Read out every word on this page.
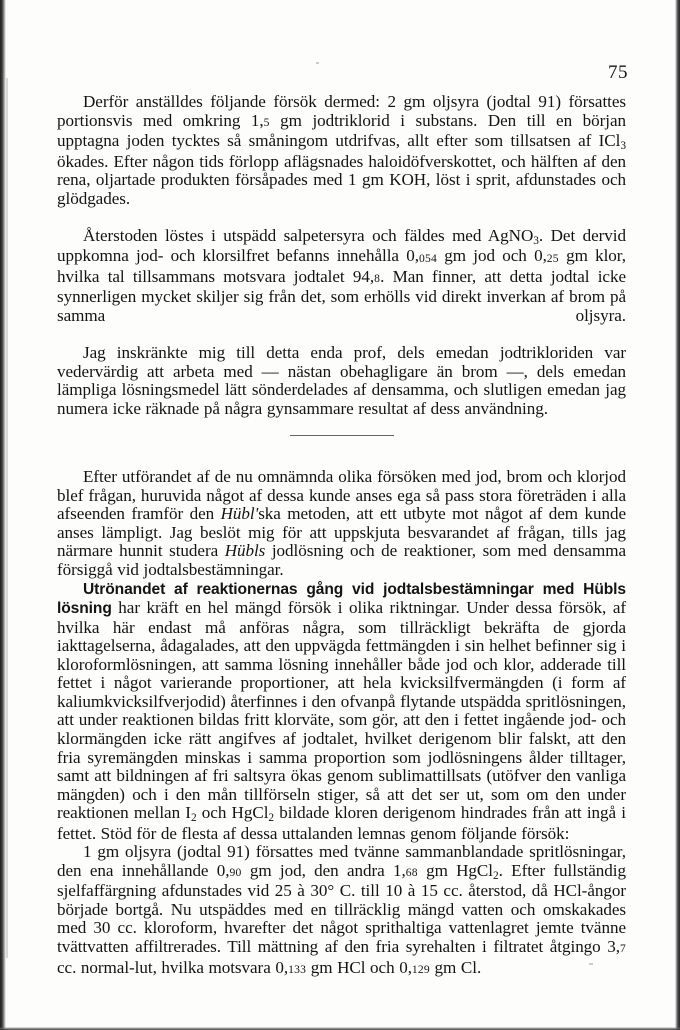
75

Derför anställdes följande försök dermed: 2 gm oljsyra (jodtal 91) försattes portionsvis med omkring 1,5 gm jodtriklorid i substans. Den till en början upptagna joden tycktes så småningom utdrifvas, allt efter som tillsatsen af ICl$_3$ ökades. Efter någon tids förlopp aflägsnades haloidöfverskottet, och hälften af den rena, oljartade produkten försåpades med 1 gm KOH, löst i sprit, afdunstades och glödgades.

Återstoden löstes i utspädd salpetersyra och fäldes med AgNO$_3$. Det dervid uppkomna jod- och klorsilfret befanns innehålla 0,054 gm jod och 0,25 gm klor, hvilka tal tillsammans motsvara jodtalet 94,8. Man finner, att detta jodtal icke synnerligen mycket skiljer sig från det, som erhölls vid direkt inverkan af brom på samma oljsyra.

Jag inskränkte mig till detta enda prof, dels emedan jodtrikloriden var vedervärdig att arbeta med — nästan obehagligare än brom —, dels emedan lämpliga lösningsmedel lätt sönderdelades af densamma, och slutligen emedan jag numera icke räknade på några gynsammare resultat af dess användning.

Efter utförandet af de nu omnämnda olika försöken med jod, brom och klorjod blef frågan, huruvida något af dessa kunde anses ega så pass stora företräden i alla afseenden framför den Hübl'ska metoden, att ett utbyte mot något af dem kunde anses lämpligt. Jag beslöt mig för att uppskjuta besvarandet af frågan, tills jag närmare hunnit studera Hübls jodlösning och de reaktioner, som med densamma försiggå vid jodtalsbestämningar.

Utrönandet af reaktionernas gång vid jodtalsbestämningar med Hübls lösning har kräft en hel mängd försök i olika riktningar. Under dessa försök, af hvilka här endast må anföras några, som tillräckligt bekräfta de gjorda iakttagelserna, ådagalades, att den uppvägda fettmängden i sin helhet befinner sig i kloroformlösningen, att samma lösning innehåller både jod och klor, adderade till fettet i något varierande proportioner, att hela kvicksilfvermängden (i form af kaliumkvicksilfverjodid) återfinnes i den ofvanpå flytande utspädda spritlösningen, att under reaktionen bildas fritt klorväte, som gör, att den i fettet ingående jod- och klormängden icke rätt angifves af jodtalet, hvilket derigenom blir falskt, att den fria syremängden minskas i samma proportion som jodlösningens ålder tilltager, samt att bildningen af fri saltsyra ökas genom sublimattillsats (utöfver den vanliga mängden) och i den mån tillförseln stiger, så att det ser ut, som om den under reaktionen mellan $I_2$ och HgCl$_2$ bildade kloren derigenom hindrades från att ingå i fettet. Stöd för de flesta af dessa uttalanden lemnas genom följande försök:

1 gm oljsyra (jodtal 91) försattes med tvänne sammanblandade spritlösningar, den ena innehållande 0,90 gm jod, den andra 1,68 gm HgCl$_2$. Efter fullständig sjelfaffärgning afdunstades vid 25 à 30° C. till 10 à 15 cc. återstod, då HCl-ångor började bortgå. Nu utspäddes med en tillräcklig mängd vatten och omskakades med 30 cc. kloroform, hvarefter det något sprithaltiga vattenlagret jemte tvänne tvättvatten affiltrerades. Till mättning af den fria syrehalten i filtratet åtgingo 3,7 cc. normal-lut, hvilka motsvara 0,133 gm HCl och 0,129 gm Cl.
